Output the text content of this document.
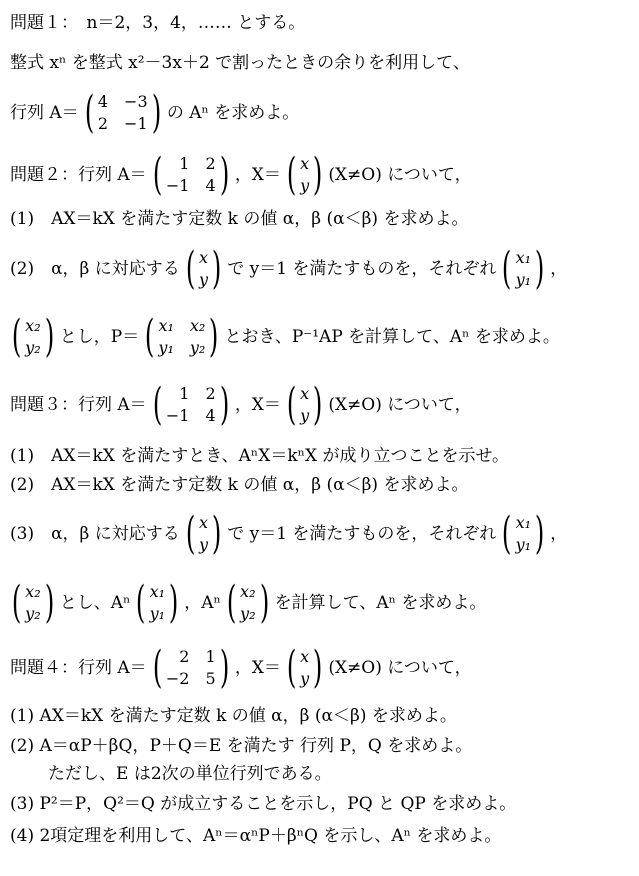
問題１：　n＝2，3，4，…… とする。
整式 xⁿ を整式 x²－3x＋2 で割ったときの余りを利用して、
行列 A＝ ( 4 −3
2 −1 ) の Aⁿ を求めよ。
問題２：行列 A＝ (	1 2
−1 4 ) ，X＝ ( x
y ) (X≠O) について，
(1)　AX＝kX を満たす定数 k の値 α，β (α＜β) を求めよ。
(2)　α，β に対応する ( x
y ) で y＝1 を満たすものを，それぞれ ( x₁
y₁ ) ，
( x₂
y₂ ) とし，P＝ ( x₁ x₂
y₁ y₂ ) とおき、P⁻¹AP を計算して、Aⁿ を求めよ。
問題３：行列 A＝ (	1 2
−1 4 ) ，X＝ ( x
y ) (X≠O) について，
(1)　AX＝kX を満たすとき、AⁿX＝kⁿX が成り立つことを示せ。
(2)　AX＝kX を満たす定数 k の値 α，β (α＜β) を求めよ。
(3)　α，β に対応する ( x
y ) で y＝1 を満たすものを，それぞれ ( x₁
y₁ ) ，
( x₂
y₂ ) とし、Aⁿ ( x₁
y₁ ) ，Aⁿ ( x₂
y₂ ) を計算して、Aⁿ を求めよ。
問題４：行列 A＝ (	2 1
−2 5 ) ，X＝ ( x
y ) (X≠O) について，
(1) AX＝kX を満たす定数 k の値 α，β (α＜β) を求めよ。
(2) A＝αP＋βQ，P＋Q＝E を満たす 行列 P，Q を求めよ。
ただし、E は2次の単位行列である。
(3) P²＝P，Q²＝Q が成立することを示し，PQ と QP を求めよ。
(4) 2項定理を利用して、Aⁿ＝αⁿP＋βⁿQ を示し、Aⁿ を求めよ。
